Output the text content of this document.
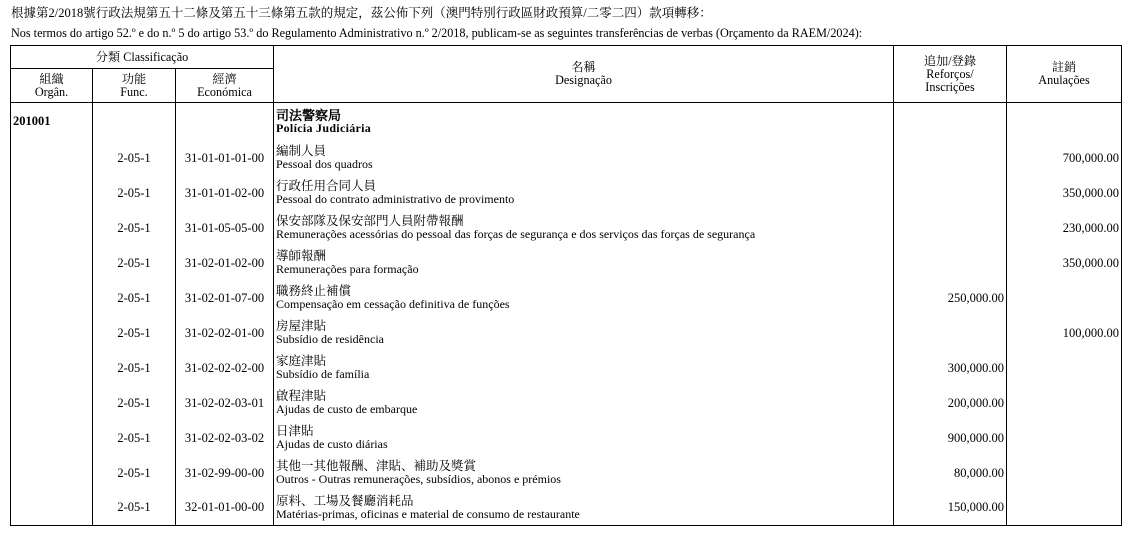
根據第2/2018號行政法規第五十二條及第五十三條第五款的規定，茲公佈下列（澳門特別行政區財政預算/二零二四）款項轉移：
Nos termos do artigo 52.º e do n.º 5 do artigo 53.º do Regulamento Administrativo n.º 2/2018, publicam-se as seguintes transferências de verbas (Orçamento da RAEM/2024):
分類 Classificação			名稱
Designação	追加/登錄
Reforços/
Inscrições	註銷
Anulações
組織
Orgân.	功能
Func.	經濟
Económica			
201001			司法警察局
Polícia Judiciária		

	2-05-1	31-01-01-01-00	編制人員
Pessoal dos quadros		700,000.00
	2-05-1	31-01-01-02-00	行政任用合同人員
Pessoal do contrato administrativo de provimento		350,000.00
	2-05-1	31-01-05-05-00	保安部隊及保安部門人員附帶報酬
Remunerações acessórias do pessoal das forças de segurança e dos serviços das forças de segurança		230,000.00
	2-05-1	31-02-01-02-00	導師報酬
Remunerações para formação		350,000.00
	2-05-1	31-02-01-07-00	職務終止補償
Compensação em cessação definitiva de funções	250,000.00	
	2-05-1	31-02-02-01-00	房屋津貼
Subsídio de residência		100,000.00
	2-05-1	31-02-02-02-00	家庭津貼
Subsídio de família	300,000.00	
	2-05-1	31-02-02-03-01	啟程津貼
Ajudas de custo de embarque	200,000.00	
	2-05-1	31-02-02-03-02	日津貼
Ajudas de custo diárias	900,000.00	
	2-05-1	31-02-99-00-00	其他一其他報酬、津貼、補助及獎賞
Outros - Outras remunerações, subsídios, abonos e prémios	80,000.00	
	2-05-1	32-01-01-00-00	原料、工場及餐廳消耗品
Matérias-primas, oficinas e material de consumo de restaurante	150,000.00	
